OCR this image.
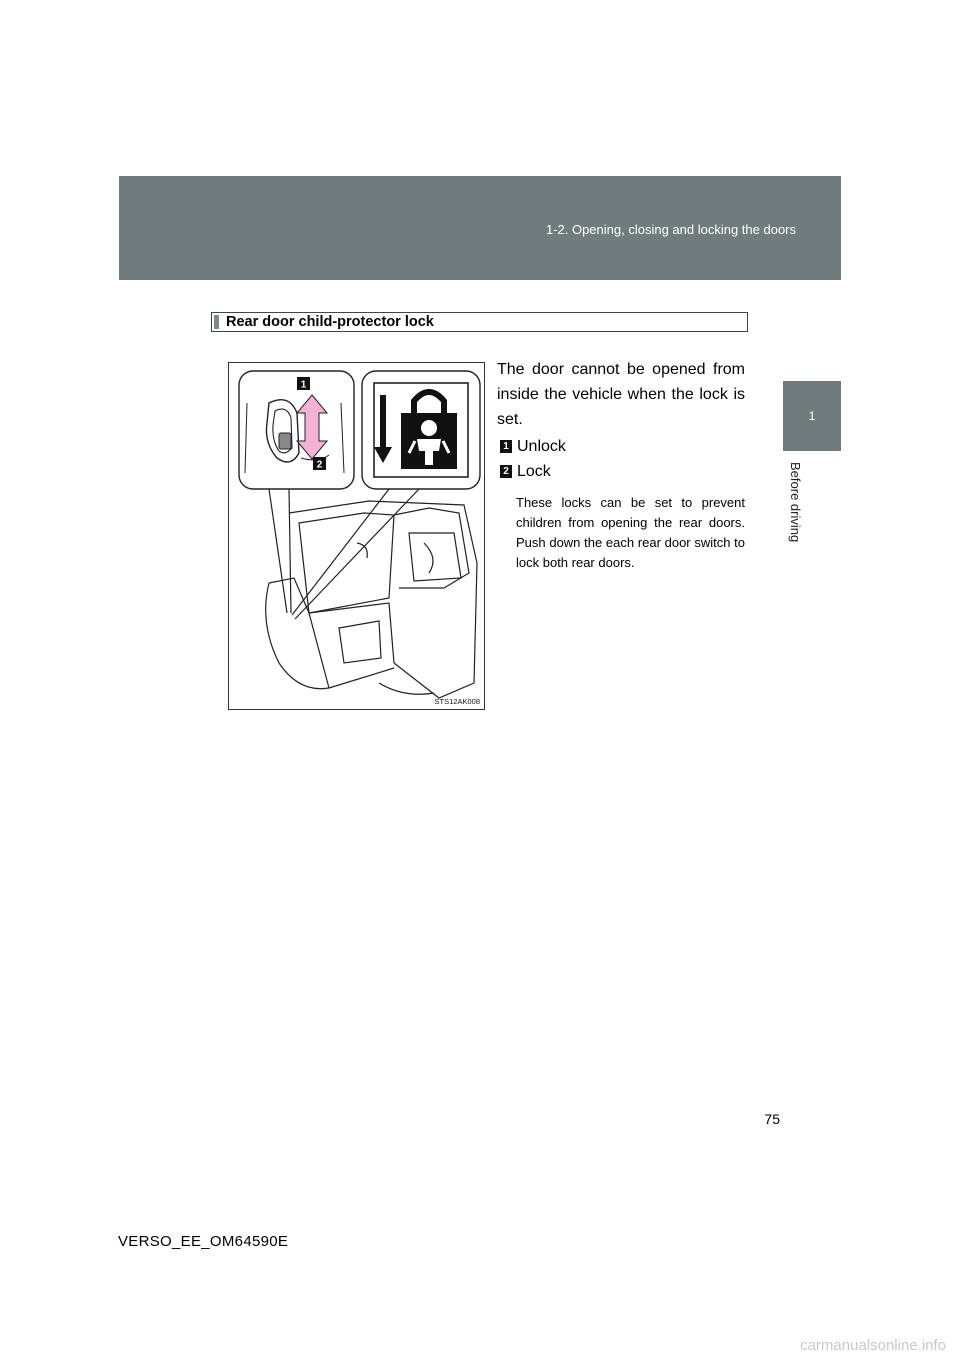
1-2. Opening, closing and locking the doors
1
Before driving
Rear door child-protector lock
1
2
STS12AK008
The door cannot be opened from inside the vehicle when the lock is set.
1 Unlock
2 Lock
These locks can be set to prevent children from opening the rear doors. Push down the each rear door switch to lock both rear doors.
75
VERSO_EE_OM64590E
carmanualsonline.info
